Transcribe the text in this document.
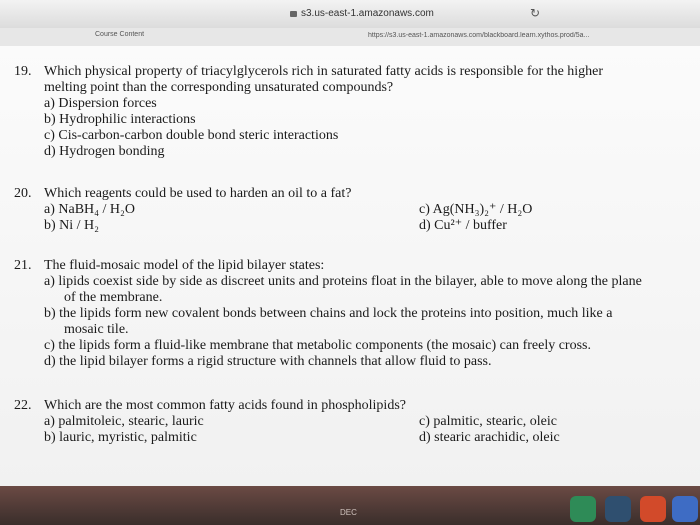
s3.us-east-1.amazonaws.com	↻
Course Content	https://s3.us-east-1.amazonaws.com/blackboard.learn.xythos.prod/5a...
19. Which physical property of triacylglycerols rich in saturated fatty acids is responsible for the higher
melting point than the corresponding unsaturated compounds?
a) Dispersion forces
b) Hydrophilic interactions
c) Cis-carbon-carbon double bond steric interactions
d) Hydrogen bonding
20. Which reagents could be used to harden an oil to a fat?
a) NaBH₄ / H₂O
b) Ni / H₂
c) Ag(NH₃)₂⁺ / H₂O
d) Cu²⁺ / buffer
21. The fluid-mosaic model of the lipid bilayer states:
a) lipids coexist side by side as discreet units and proteins float in the bilayer, able to move along the plane
of the membrane.
b) the lipids form new covalent bonds between chains and lock the proteins into position, much like a
mosaic tile.
c) the lipids form a fluid-like membrane that metabolic components (the mosaic) can freely cross.
d) the lipid bilayer forms a rigid structure with channels that allow fluid to pass.
22. Which are the most common fatty acids found in phospholipids?
a) palmitoleic, stearic, lauric
b) lauric, myristic, palmitic
c) palmitic, stearic, oleic
d) stearic arachidic, oleic
DEC
